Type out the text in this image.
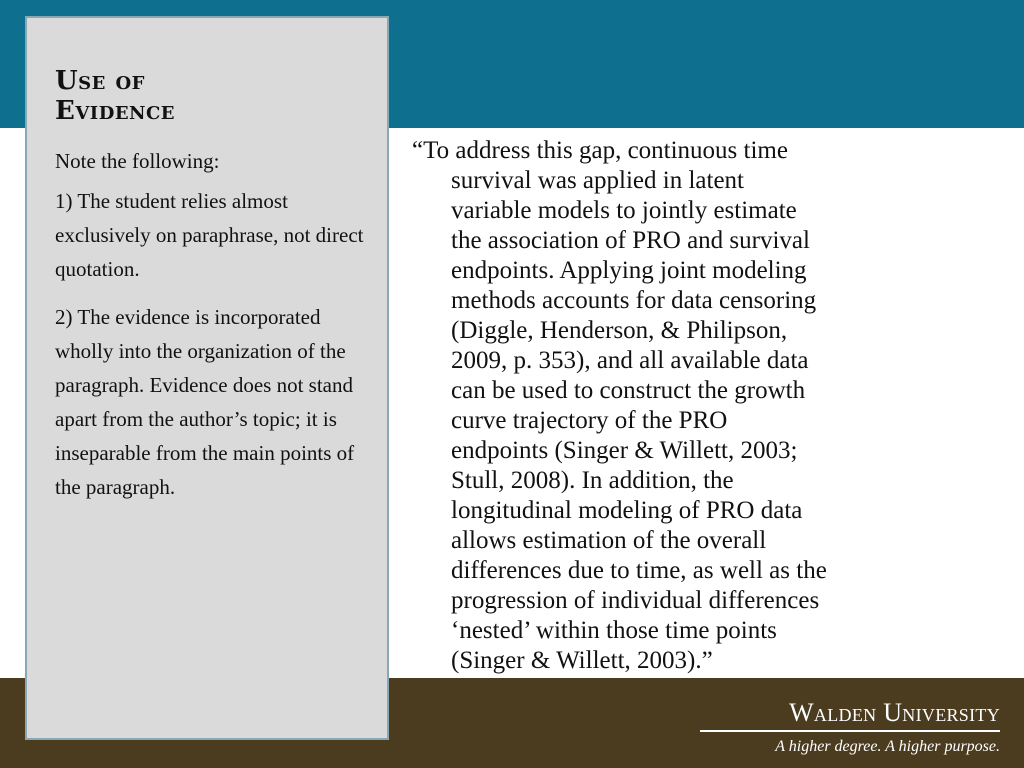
Use of
Evidence

Note the following:

1) The student relies almost exclusively on paraphrase, not direct quotation.

2) The evidence is incorporated wholly into the organization of the paragraph. Evidence does not stand apart from the author’s topic; it is inseparable from the main points of the paragraph.

“To address this gap, continuous time
survival was applied in latent
variable models to jointly estimate
the association of PRO and survival
endpoints. Applying joint modeling
methods accounts for data censoring
(Diggle, Henderson, & Philipson,
2009, p. 353), and all available data
can be used to construct the growth
curve trajectory of the PRO
endpoints (Singer & Willett, 2003;
Stull, 2008). In addition, the
longitudinal modeling of PRO data
allows estimation of the overall
differences due to time, as well as the
progression of individual differences
‘nested’ within those time points
(Singer & Willett, 2003).”
Walden University
A higher degree. A higher purpose.
